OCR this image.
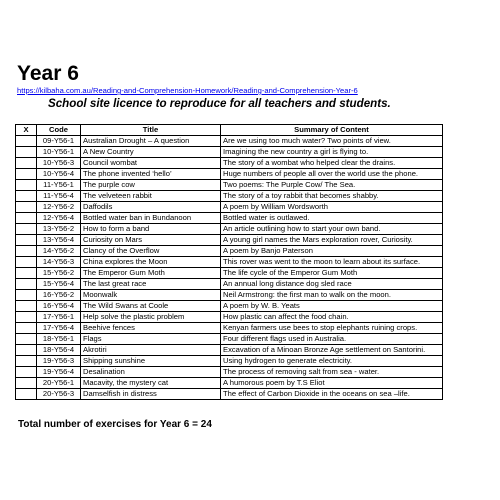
Year 6
https://kilbaha.com.au/Reading-and-Comprehension-Homework/Reading-and-Comprehension-Year-6
School site licence to reproduce for all teachers and students.
X	Code	Title	Summary of Content
	09-Y56-1	Australian Drought – A question	Are we using too much water? Two points of view.
	10-Y56-1	A New Country	Imagining the new country a girl is flying to.
	10-Y56-3	Council wombat	The story of a wombat who helped clear the drains.
	10-Y56-4	The phone invented ‘hello’	Huge numbers of people all over the world use the phone.
	11-Y56-1	The purple cow	Two poems: The Purple Cow/ The Sea.
	11-Y56-4	The velveteen rabbit	The story of a toy rabbit that becomes shabby.
	12-Y56-2	Daffodils	A poem by William Wordsworth
	12-Y56-4	Bottled water ban in Bundanoon	Bottled water is outlawed.
	13-Y56-2	How to form a band	An article outlining how to start your own band.
	13-Y56-4	Curiosity on Mars	A young girl names the Mars exploration rover, Curiosity.
	14-Y56-2	Clancy of the Overflow	A poem by Banjo Paterson
	14-Y56-3	China explores the Moon	This rover was went to the moon to learn about its surface.
	15-Y56-2	The Emperor Gum Moth	The life cycle of the Emperor Gum Moth
	15-Y56-4	The last great race	An annual long distance dog sled race
	16-Y56-2	Moonwalk	Neil Armstrong: the first man to walk on the moon.
	16-Y56-4	The Wild Swans at Coole	A poem by W. B. Yeats
	17-Y56-1	Help solve the plastic problem	How plastic can affect the food chain.
	17-Y56-4	Beehive fences	Kenyan farmers use bees to stop elephants ruining crops.
	18-Y56-1	Flags	Four different flags used in Australia.
	18-Y56-4	Akrotiri	Excavation of a Minoan Bronze Age settlement on Santorini.
	19-Y56-3	Shipping sunshine	Using hydrogen to generate electricity.
	19-Y56-4	Desalination	The process of removing salt from sea - water.
	20-Y56-1	Macavity, the mystery cat	A humorous poem by T.S Eliot
	20-Y56-3	Damselfish in distress	The effect of Carbon Dioxide in the oceans on sea –life.
Total number of exercises for Year 6 = 24
